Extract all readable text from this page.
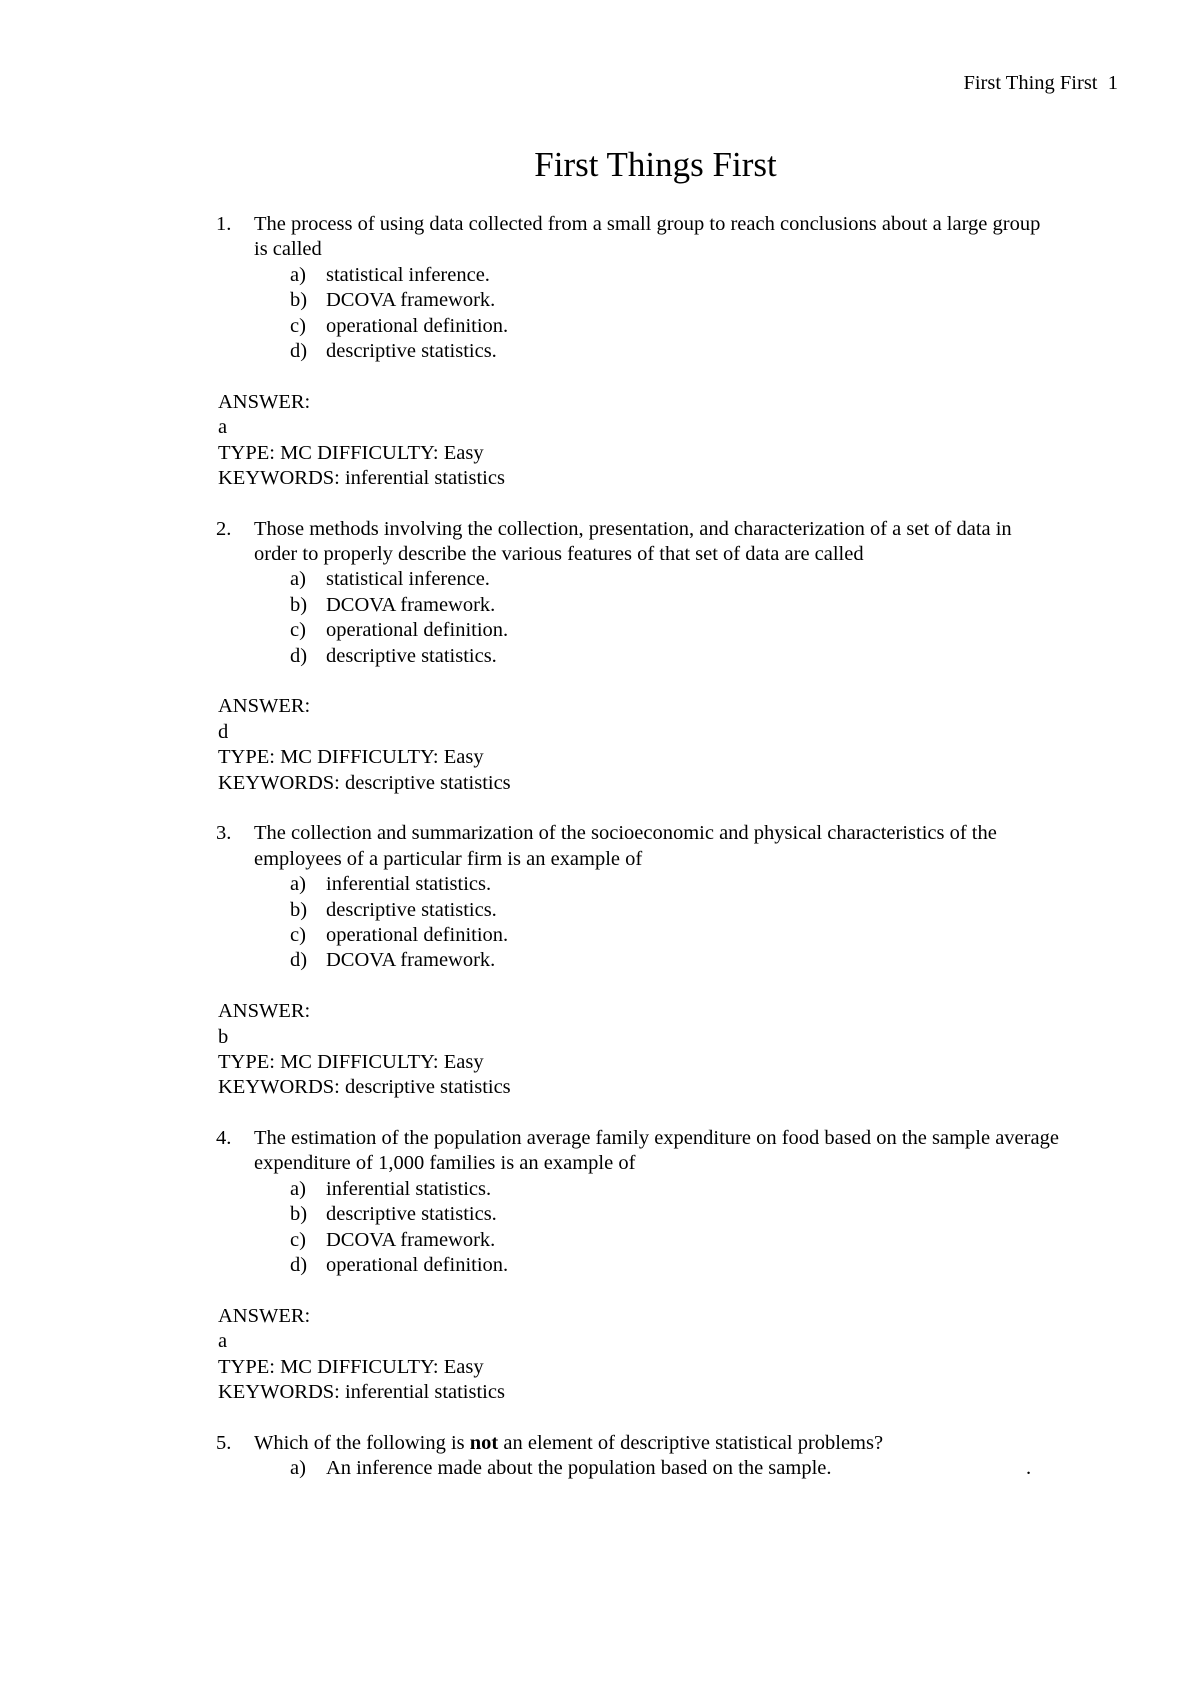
First Thing First 1
First Things First
1. The process of using data collected from a small group to reach conclusions about a large group
is called
a) statistical inference.
b) DCOVA framework.
c) operational definition.
d) descriptive statistics.
ANSWER:
a
TYPE: MC DIFFICULTY: Easy
KEYWORDS: inferential statistics
2. Those methods involving the collection, presentation, and characterization of a set of data in
order to properly describe the various features of that set of data are called
a) statistical inference.
b) DCOVA framework.
c) operational definition.
d) descriptive statistics.
ANSWER:
d
TYPE: MC DIFFICULTY: Easy
KEYWORDS: descriptive statistics
3. The collection and summarization of the socioeconomic and physical characteristics of the
employees of a particular firm is an example of
a) inferential statistics.
b) descriptive statistics.
c) operational definition.
d) DCOVA framework.
ANSWER:
b
TYPE: MC DIFFICULTY: Easy
KEYWORDS: descriptive statistics
4. The estimation of the population average family expenditure on food based on the sample average
expenditure of 1,000 families is an example of
a) inferential statistics.
b) descriptive statistics.
c) DCOVA framework.
d) operational definition.
ANSWER:
a
TYPE: MC DIFFICULTY: Easy
KEYWORDS: inferential statistics
5. Which of the following is not an element of descriptive statistical problems?
a) An inference made about the population based on the sample.	.
